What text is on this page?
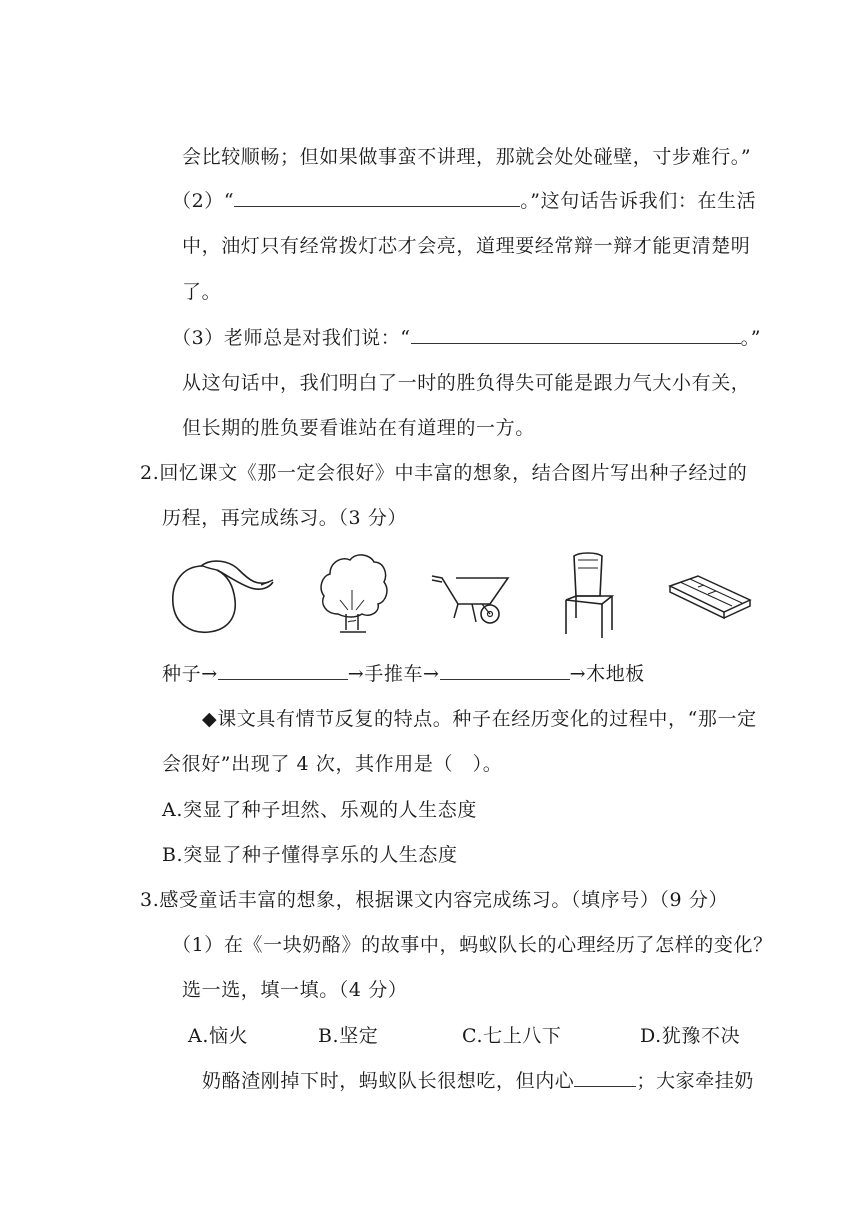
会比较顺畅；但如果做事蛮不讲理，那就会处处碰壁，寸步难行。”
（2）“	。”这句话告诉我们：在生活
中，油灯只有经常拨灯芯才会亮，道理要经常辩一辩才能更清楚明
了。
（3）老师总是对我们说：“	。”
从这句话中，我们明白了一时的胜负得失可能是跟力气大小有关，
但长期的胜负要看谁站在有道理的一方。
2.回忆课文《那一定会很好》中丰富的想象，结合图片写出种子经过的
历程，再完成练习。（3 分）
种子→	→手推车→	→木地板
◆课文具有情节反复的特点。种子在经历变化的过程中，“那一定
会很好”出现了 4 次，其作用是（　）。
A.突显了种子坦然、乐观的人生态度
B.突显了种子懂得享乐的人生态度
3.感受童话丰富的想象，根据课文内容完成练习。（填序号）（9 分）
（1）在《一块奶酪》的故事中，蚂蚁队长的心理经历了怎样的变化？
选一选，填一填。（4 分）
A.恼火	B.坚定	C.七上八下	D.犹豫不决
奶酪渣刚掉下时，蚂蚁队长很想吃，但内心	；大家牵挂奶
